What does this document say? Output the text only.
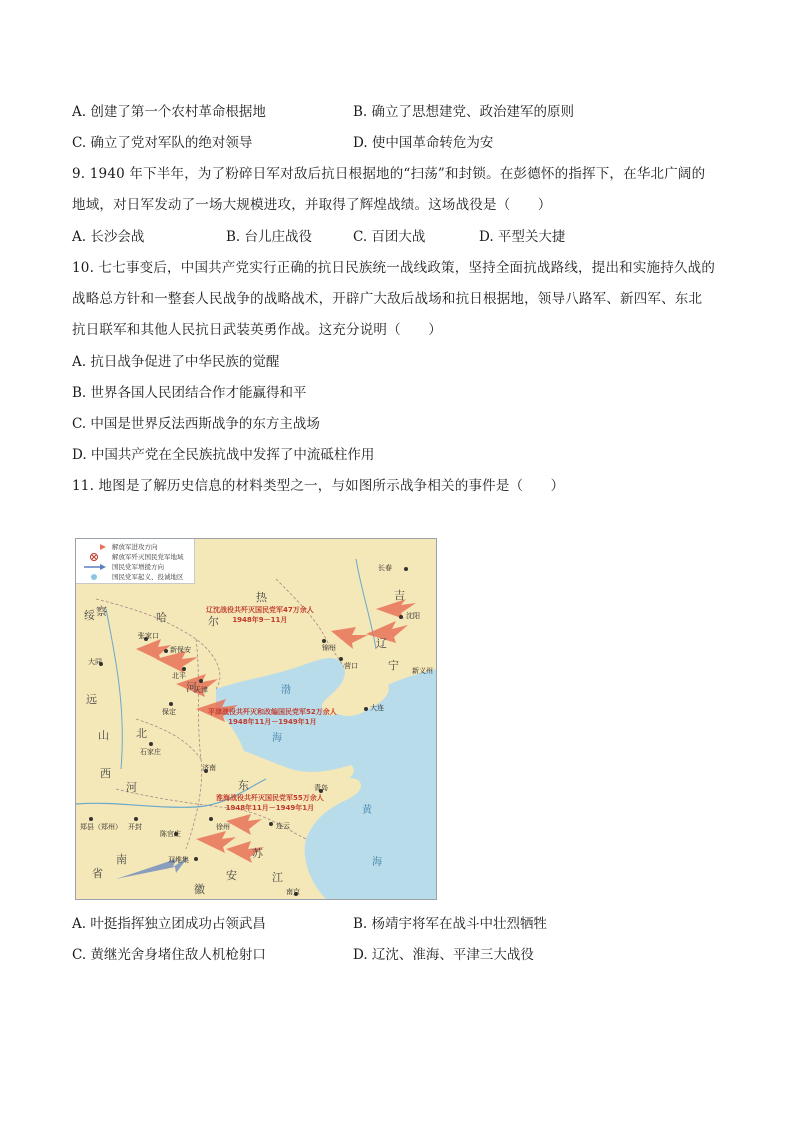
A. 创建了第一个农村革命根据地	B. 确立了思想建党、政治建军的原则
C. 确立了党对军队的绝对领导	D. 使中国革命转危为安
9. 1940 年下半年，为了粉碎日军对敌后抗日根据地的“扫荡”和封锁。在彭德怀的指挥下，在华北广阔的
地域，对日军发动了一场大规模进攻，并取得了辉煌战绩。这场战役是（　　）
A. 长沙会战	B. 台儿庄战役	C. 百团大战	D. 平型关大捷
10. 七七事变后，中国共产党实行正确的抗日民族统一战线政策，坚持全面抗战路线，提出和实施持久战的
战略总方针和一整套人民战争的战略战术，开辟广大敌后战场和抗日根据地，领导八路军、新四军、东北
抗日联军和其他人民抗日武装英勇作战。这充分说明（　　）
A. 抗日战争促进了中华民族的觉醒
B. 世界各国人民团结合作才能赢得和平
C. 中国是世界反法西斯战争的东方主战场
D. 中国共产党在全民族抗战中发挥了中流砥柱作用
11. 地图是了解历史信息的材料类型之一，与如图所示战争相关的事件是（　　）
解放军进攻方向
解放军歼灭国民党军地域
国民党军增援方向
国民党军起义、投诚地区
辽沈战役共歼灭国民党军47万余人
1948年9－11月
平津战役共歼灭和改编国民党军52万余人
1948年11月－1949年1月
淮海战役共歼灭国民党军55万余人
1948年11月－1949年1月
长春
沈阳
锦州
营口
大连
张家口
新保安
大同
北平
天津
保定
石家庄
济南
青岛
郑县（郑州） 开封	徐州	连云
陈官庄
双堆集
南京
新义州
察	哈	尔
热
河
绥
远
山
西
北
吉
辽
宁
东
苏
江
安
徽
南
河
省
渤
海
黄
海
A. 叶挺指挥独立团成功占领武昌	B. 杨靖宇将军在战斗中壮烈牺牲
C. 黄继光舍身堵住敌人机枪射口	D. 辽沈、淮海、平津三大战役
